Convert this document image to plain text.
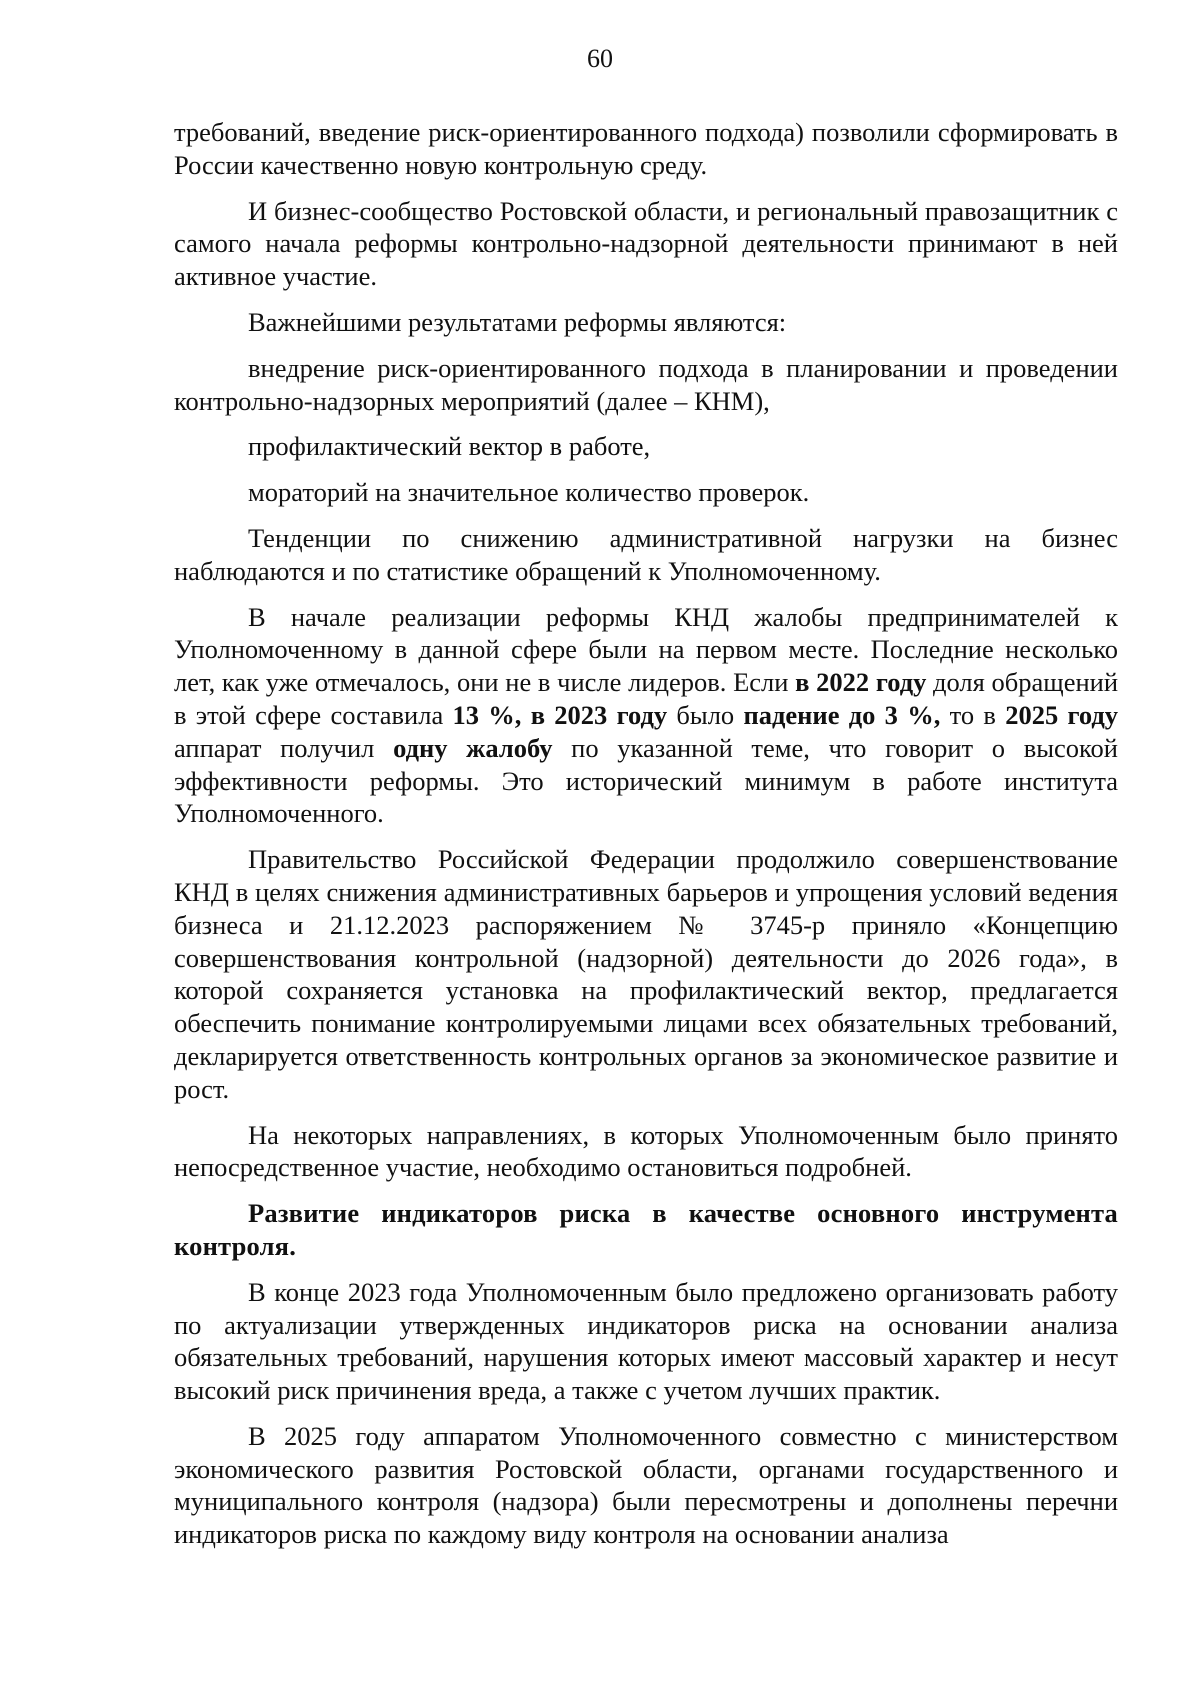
60

требований, введение риск-ориентированного подхода) позволили сформировать в России качественно новую контрольную среду.

И бизнес-сообщество Ростовской области, и региональный правозащитник с самого начала реформы контрольно-надзорной деятельности принимают в ней активное участие.

Важнейшими результатами реформы являются:

внедрение риск-ориентированного подхода в планировании и проведении контрольно-надзорных мероприятий (далее – КНМ),

профилактический вектор в работе,

мораторий на значительное количество проверок.

Тенденции по снижению административной нагрузки на бизнес наблюдаются и по статистике обращений к Уполномоченному.

В начале реализации реформы КНД жалобы предпринимателей к Уполномоченному в данной сфере были на первом месте. Последние несколько лет, как уже отмечалось, они не в числе лидеров. Если в 2022 году доля обращений в этой сфере составила 13 %, в 2023 году было падение до 3 %, то в 2025 году аппарат получил одну жалобу по указанной теме, что говорит о высокой эффективности реформы. Это исторический минимум в работе института Уполномоченного.

Правительство Российской Федерации продолжило совершенствование КНД в целях снижения административных барьеров и упрощения условий ведения бизнеса и 21.12.2023 распоряжением № 3745-р приняло «Концепцию совершенствования контрольной (надзорной) деятельности до 2026 года», в которой сохраняется установка на профилактический вектор, предлагается обеспечить понимание контролируемыми лицами всех обязательных требований, декларируется ответственность контрольных органов за экономическое развитие и рост.

На некоторых направлениях, в которых Уполномоченным было принято непосредственное участие, необходимо остановиться подробней.

Развитие индикаторов риска в качестве основного инструмента контроля.

В конце 2023 года Уполномоченным было предложено организовать работу по актуализации утвержденных индикаторов риска на основании анализа обязательных требований, нарушения которых имеют массовый характер и несут высокий риск причинения вреда, а также с учетом лучших практик.

В 2025 году аппаратом Уполномоченного совместно с министерством экономического развития Ростовской области, органами государственного и муниципального контроля (надзора) были пересмотрены и дополнены перечни индикаторов риска по каждому виду контроля на основании анализа
